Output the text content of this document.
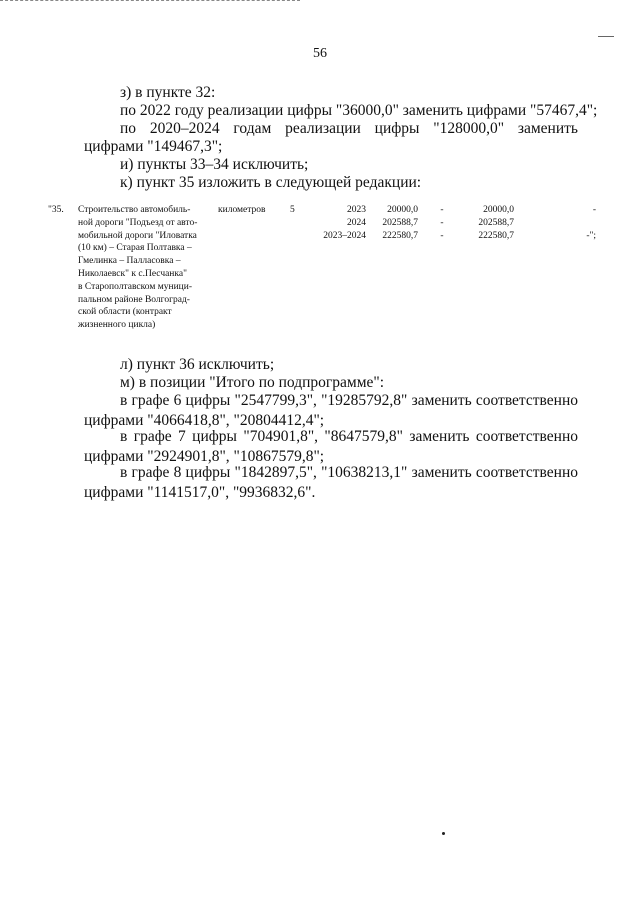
56

з) в пункте 32:

по 2022 году реализации цифры "36000,0" заменить цифрами "57467,4";

по 2020–2024 годам реализации цифры "128000,0" заменить
цифрами "149467,3";

и) пункты 33–34 исключить;

к) пункт 35 изложить в следующей редакции:

"35. Строительство автомобиль-
ной дороги "Подъезд от авто-
мобильной дороги "Иловатка
(10 км) – Старая Полтавка –
Гмелинка – Палласовка –
Николаевск" к с.Песчанка"
в Старополтавском муници-
пальном районе Волгоград-
ской области (контракт
жизненного цикла)
километров	5	2023
2024
2023–2024
20000,0
202588,7
222580,7
-
-
-
20000,0
202588,7
222580,7
-
-";

л) пункт 36 исключить;

м) в позиции "Итого по подпрограмме":

в графе 6 цифры "2547799,3", "19285792,8" заменить соответственно
цифрами "4066418,8", "20804412,4";
в графе 7 цифры "704901,8", "8647579,8" заменить соответственно
цифрами "2924901,8", "10867579,8";
в графе 8 цифры "1842897,5", "10638213,1" заменить соответственно
цифрами "1141517,0", "9936832,6".
